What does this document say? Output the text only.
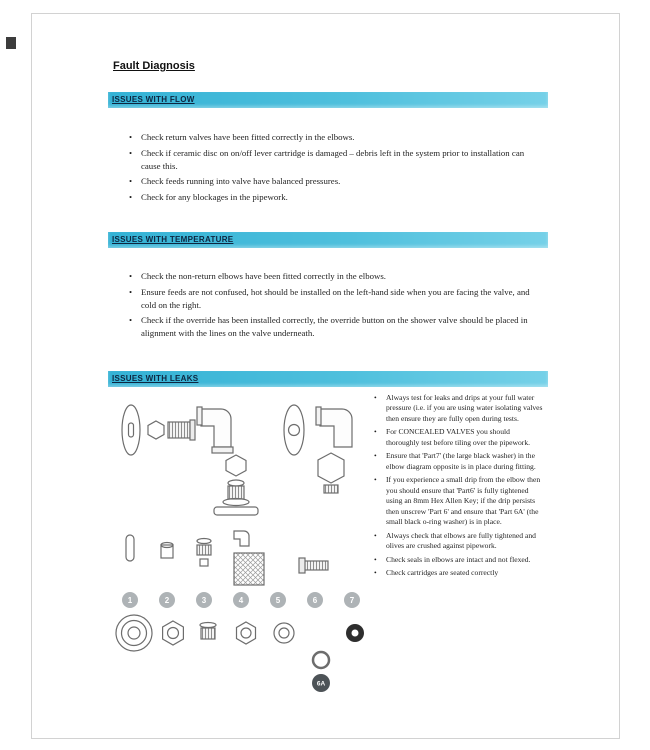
Fault Diagnosis
ISSUES WITH FLOW
• Check return valves have been fitted correctly in the elbows.
• Check if ceramic disc on on/off lever cartridge is damaged – debris left in the system prior to installation can cause this.
• Check feeds running into valve have balanced pressures.
• Check for any blockages in the pipework.
ISSUES WITH TEMPERATURE
• Check the non-return elbows have been fitted correctly in the elbows.
• Ensure feeds are not confused, hot should be installed on the left-hand side when you are facing the valve, and cold on the right.
• Check if the override has been installed correctly, the override button on the shower valve should be placed in alignment with the lines on the valve underneath.
ISSUES WITH LEAKS
1	2	3	4	5	6	7
6A
• Always test for leaks and drips at your full water pressure (i.e. if you are using water isolating valves then ensure they are fully open during tests.
• For CONCEALED VALVES you should thoroughly test before tiling over the pipework.
• Ensure that 'Part7' (the large black washer) in the elbow diagram opposite is in place during fitting.
• If you experience a small drip from the elbow then you should ensure that 'Part6' is fully tightened using an 8mm Hex Allen Key; if the drip persists then unscrew 'Part 6' and ensure that 'Part 6A' (the small black o-ring washer) is in place.
• Always check that elbows are fully tightened and olives are crushed against pipework.
• Check seals in elbows are intact and not flexed.
• Check cartridges are seated correctly
